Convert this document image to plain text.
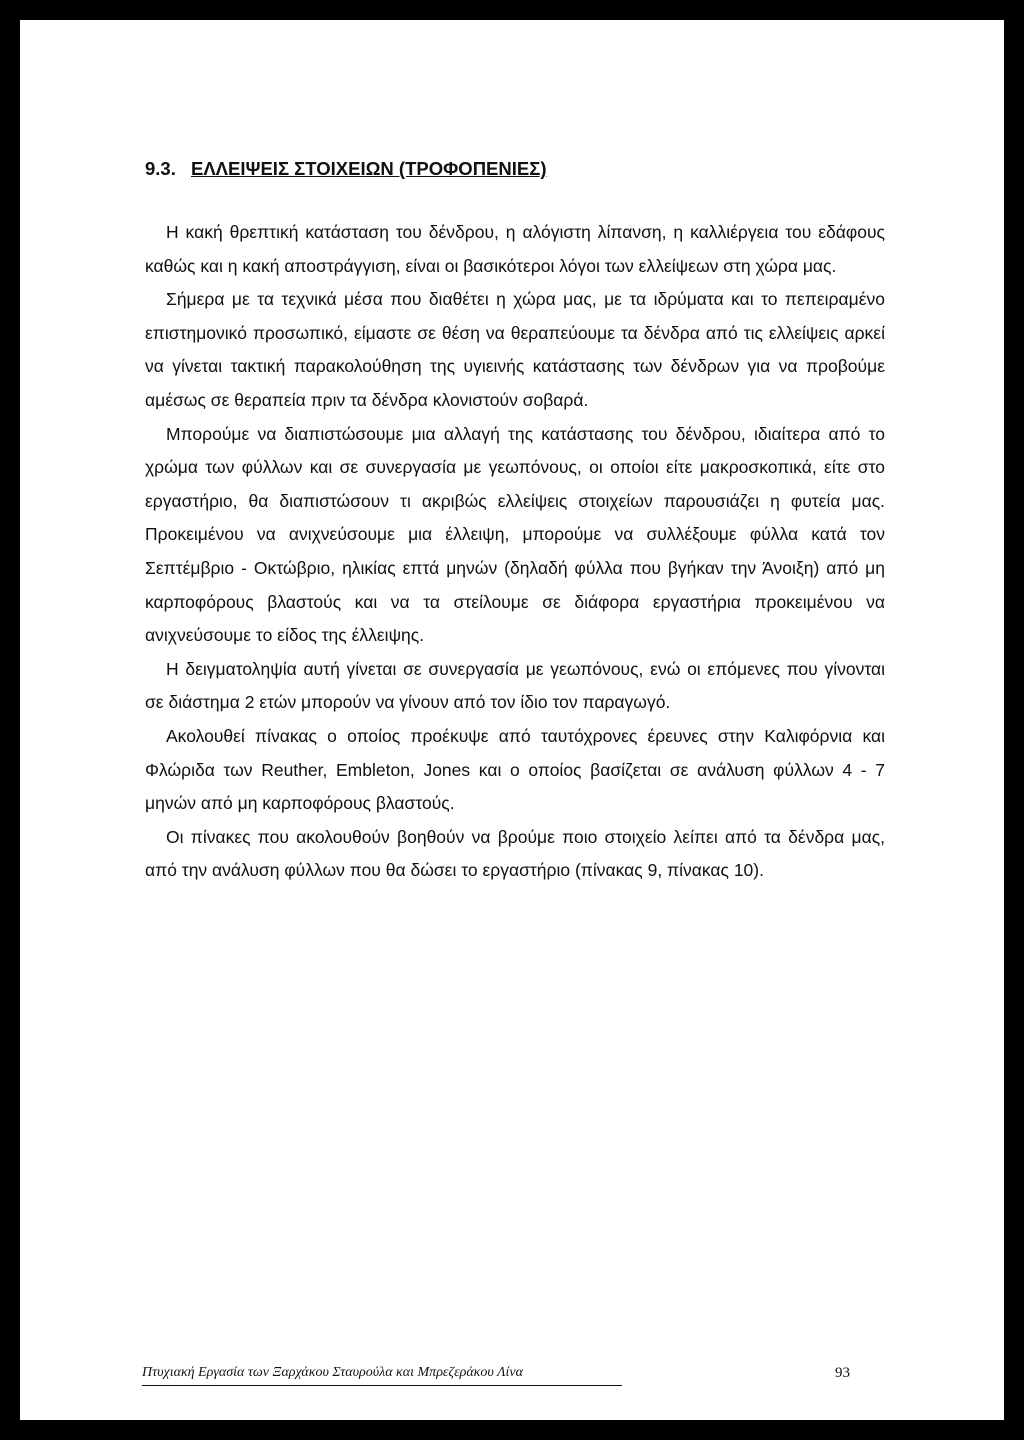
9.3. ΕΛΛΕΙΨΕΙΣ ΣΤΟΙΧΕΙΩΝ (ΤΡΟΦΟΠΕΝΙΕΣ)

Η κακή θρεπτική κατάσταση του δένδρου, η αλόγιστη λίπανση, η καλλιέργεια του εδάφους καθώς και η κακή αποστράγγιση, είναι οι βασικότεροι λόγοι των ελλείψεων στη χώρα μας.

Σήμερα με τα τεχνικά μέσα που διαθέτει η χώρα μας, με τα ιδρύματα και το πεπειραμένο επιστημονικό προσωπικό, είμαστε σε θέση να θεραπεύουμε τα δένδρα από τις ελλείψεις αρκεί να γίνεται τακτική παρακολούθηση της υγιεινής κατάστασης των δένδρων για να προβούμε αμέσως σε θεραπεία πριν τα δένδρα κλονιστούν σοβαρά.

Μπορούμε να διαπιστώσουμε μια αλλαγή της κατάστασης του δένδρου, ιδιαίτερα από το χρώμα των φύλλων και σε συνεργασία με γεωπόνους, οι οποίοι είτε μακροσκοπικά, είτε στο εργαστήριο, θα διαπιστώσουν τι ακριβώς ελλείψεις στοιχείων παρουσιάζει η φυτεία μας. Προκειμένου να ανιχνεύσουμε μια έλλειψη, μπορούμε να συλλέξουμε φύλλα κατά τον Σεπτέμβριο - Οκτώβριο, ηλικίας επτά μηνών (δηλαδή φύλλα που βγήκαν την Άνοιξη) από μη καρποφόρους βλαστούς και να τα στείλουμε σε διάφορα εργαστήρια προκειμένου να ανιχνεύσουμε το είδος της έλλειψης.

Η δειγματοληψία αυτή γίνεται σε συνεργασία με γεωπόνους, ενώ οι επόμενες που γίνονται σε διάστημα 2 ετών μπορούν να γίνουν από τον ίδιο τον παραγωγό.

Ακολουθεί πίνακας ο οποίος προέκυψε από ταυτόχρονες έρευνες στην Καλιφόρνια και Φλώριδα των Reuther, Embleton, Jones και ο οποίος βασίζεται σε ανάλυση φύλλων 4 - 7 μηνών από μη καρποφόρους βλαστούς.

Οι πίνακες που ακολουθούν βοηθούν να βρούμε ποιο στοιχείο λείπει από τα δένδρα μας, από την ανάλυση φύλλων που θα δώσει το εργαστήριο (πίνακας 9, πίνακας 10).

Πτυχιακή Εργασία των Ξαρχάκου Σταυρούλα και Μπρεζεράκου Λίνα	93
